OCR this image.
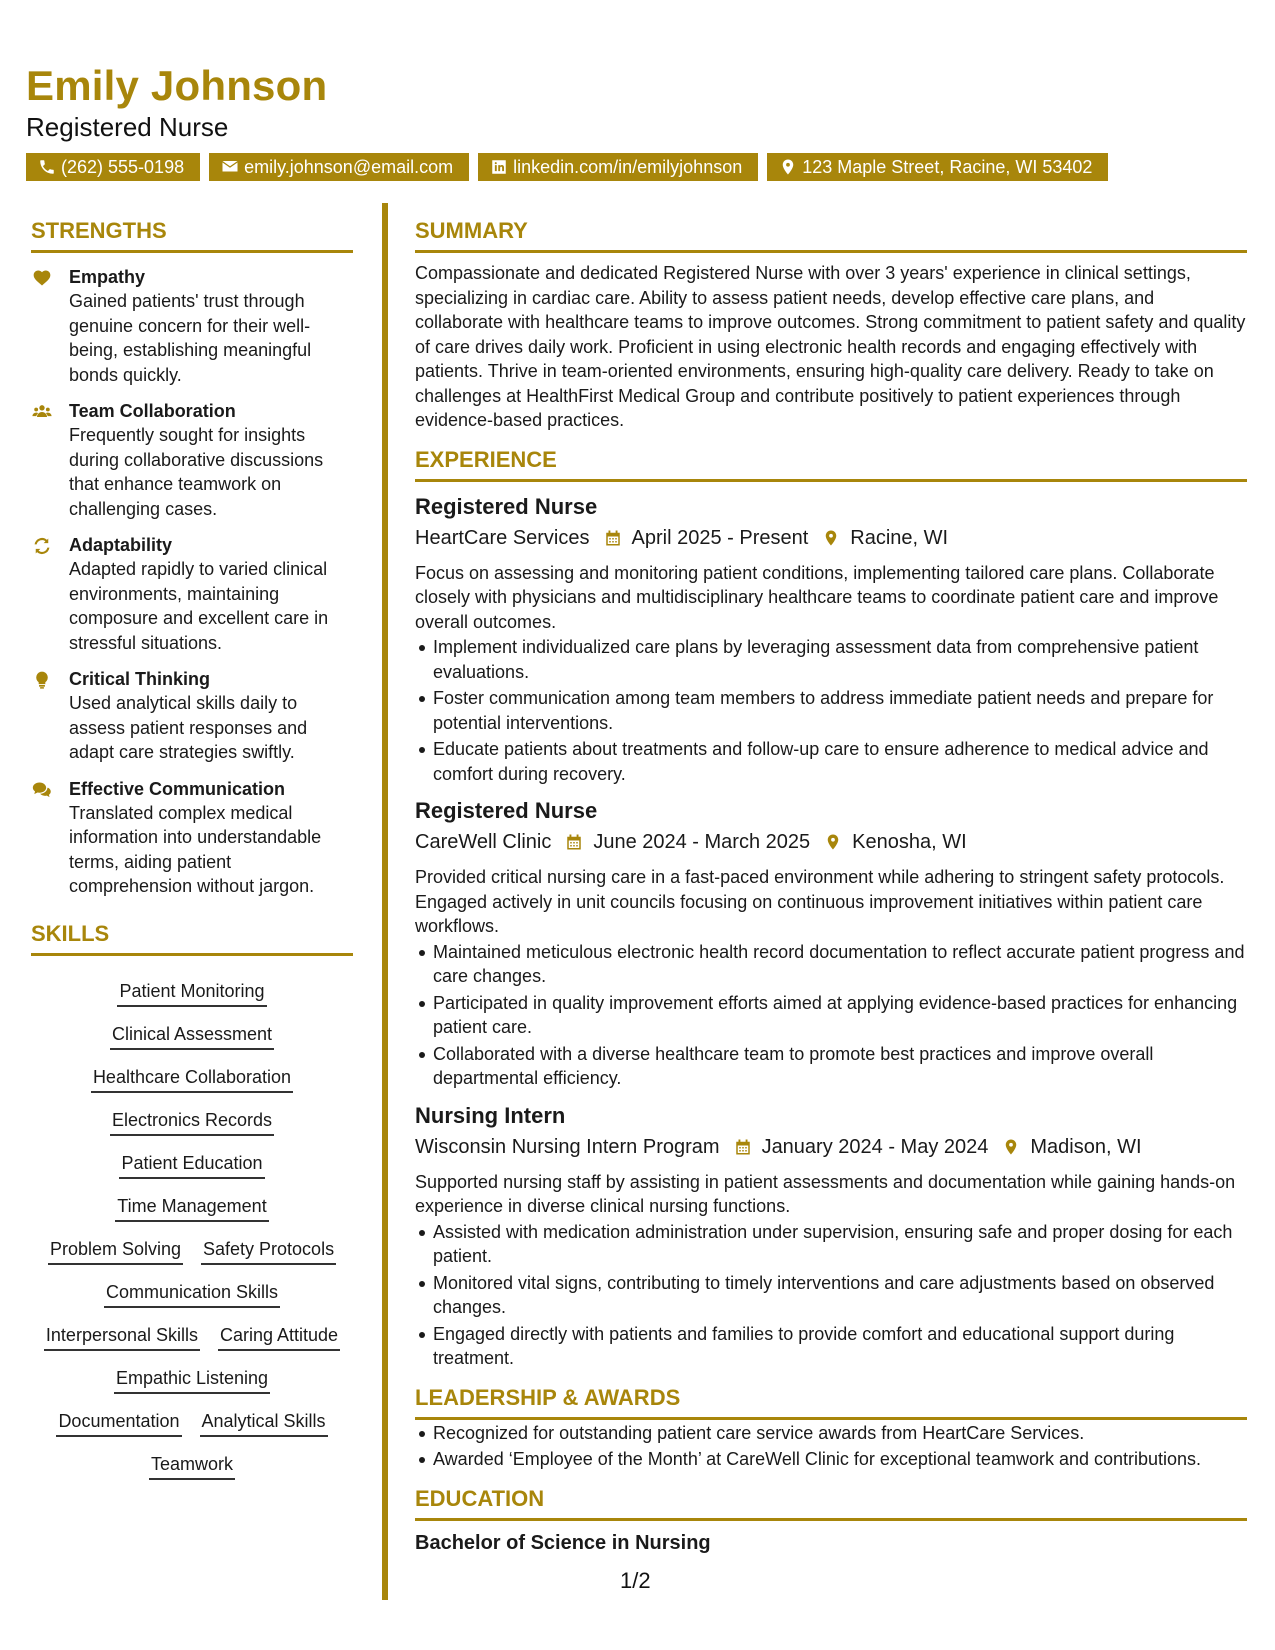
Emily Johnson
Registered Nurse
(262) 555-0198	emily.johnson@email.com	linkedin.com/in/emilyjohnson	123 Maple Street, Racine, WI 53402
STRENGTHS
Empathy
Gained patients' trust through genuine concern for their well-being, establishing meaningful bonds quickly.
Team Collaboration
Frequently sought for insights during collaborative discussions that enhance teamwork on challenging cases.
Adaptability
Adapted rapidly to varied clinical environments, maintaining composure and excellent care in stressful situations.
Critical Thinking
Used analytical skills daily to assess patient responses and adapt care strategies swiftly.
Effective Communication
Translated complex medical information into understandable terms, aiding patient comprehension without jargon.
SKILLS
Patient Monitoring
Clinical Assessment
Healthcare Collaboration
Electronics Records
Patient Education
Time Management
Problem Solving Safety Protocols
Communication Skills
Interpersonal Skills Caring Attitude
Empathic Listening
Documentation Analytical Skills
Teamwork
SUMMARY
Compassionate and dedicated Registered Nurse with over 3 years' experience in clinical settings, specializing in cardiac care. Ability to assess patient needs, develop effective care plans, and collaborate with healthcare teams to improve outcomes. Strong commitment to patient safety and quality of care drives daily work. Proficient in using electronic health records and engaging effectively with patients. Thrive in team-oriented environments, ensuring high-quality care delivery. Ready to take on challenges at HealthFirst Medical Group and contribute positively to patient experiences through evidence-based practices.
EXPERIENCE
Registered Nurse
HeartCare Services April 2025 - Present Racine, WI
Focus on assessing and monitoring patient conditions, implementing tailored care plans. Collaborate closely with physicians and multidisciplinary healthcare teams to coordinate patient care and improve overall outcomes.
Implement individualized care plans by leveraging assessment data from comprehensive patient evaluations.
Foster communication among team members to address immediate patient needs and prepare for potential interventions.
Educate patients about treatments and follow-up care to ensure adherence to medical advice and comfort during recovery.
Registered Nurse
CareWell Clinic June 2024 - March 2025 Kenosha, WI
Provided critical nursing care in a fast-paced environment while adhering to stringent safety protocols. Engaged actively in unit councils focusing on continuous improvement initiatives within patient care workflows.
Maintained meticulous electronic health record documentation to reflect accurate patient progress and care changes.
Participated in quality improvement efforts aimed at applying evidence-based practices for enhancing patient care.
Collaborated with a diverse healthcare team to promote best practices and improve overall departmental efficiency.
Nursing Intern
Wisconsin Nursing Intern Program January 2024 - May 2024 Madison, WI
Supported nursing staff by assisting in patient assessments and documentation while gaining hands-on experience in diverse clinical nursing functions.
Assisted with medication administration under supervision, ensuring safe and proper dosing for each patient.
Monitored vital signs, contributing to timely interventions and care adjustments based on observed changes.
Engaged directly with patients and families to provide comfort and educational support during treatment.
LEADERSHIP & AWARDS
Recognized for outstanding patient care service awards from HeartCare Services.
Awarded ‘Employee of the Month’ at CareWell Clinic for exceptional teamwork and contributions.
EDUCATION
Bachelor of Science in Nursing
1/2
